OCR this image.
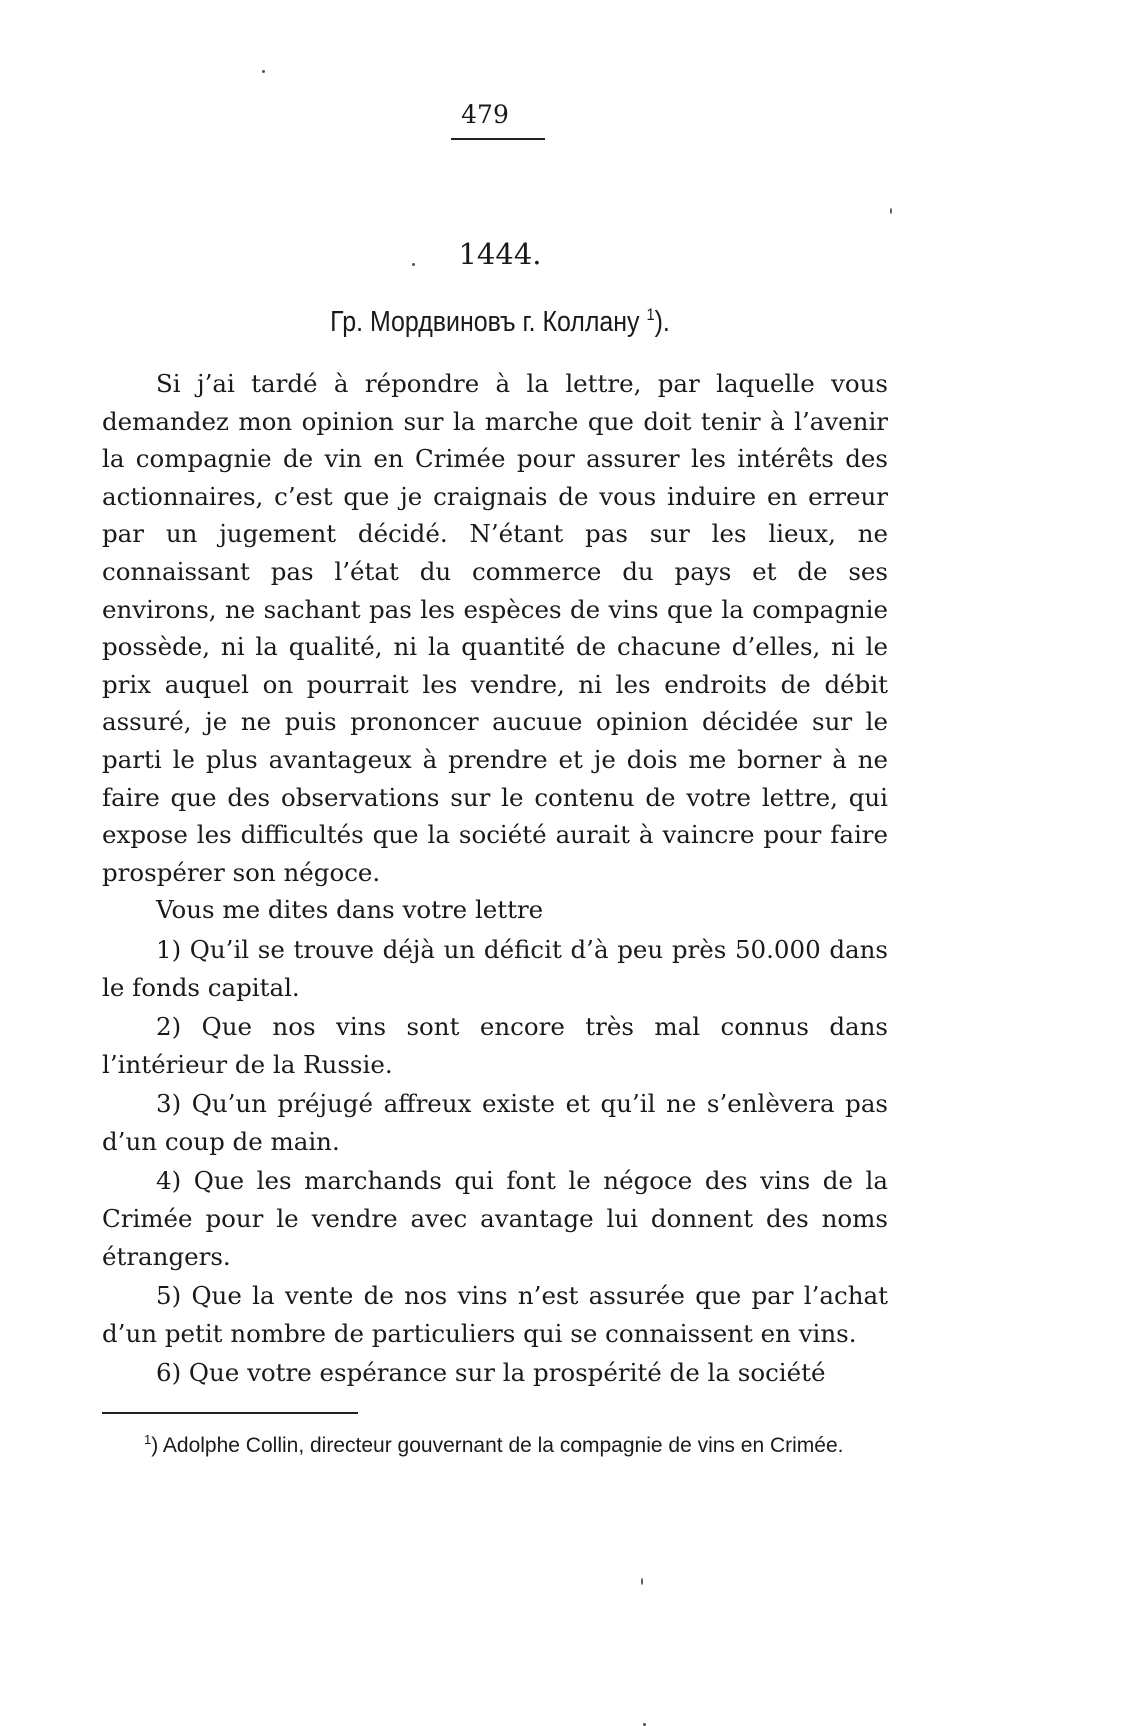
479
1444.
Гр. Мордвиновъ г. Коллану $^1$).

Si j’ai tardé à répondre à la lettre, par laquelle vous demandez mon opinion sur la marche que doit tenir à l’avenir la compagnie de vin en Crimée pour assurer les intérêts des actionnaires, c’est que je craignais de vous induire en erreur par un jugement décidé. N’étant pas sur les lieux, ne connaissant pas l’état du commerce du pays et de ses environs, ne sachant pas les espèces de vins que la compagnie possède, ni la qualité, ni la quantité de chacune d’elles, ni le prix auquel on pourrait les vendre, ni les endroits de débit assuré, je ne puis prononcer aucuue opinion décidée sur le parti le plus avantageux à prendre et je dois me borner à ne faire que des observations sur le contenu de votre lettre, qui expose les difficultés que la société aurait à vaincre pour faire prospérer son négoce.

Vous me dites dans votre lettre

1) Qu’il se trouve déjà un déficit d’à peu près 50.000 dans le fonds capital.

2) Que nos vins sont encore très mal connus dans l’intérieur de la Russie.

3) Qu’un préjugé affreux existe et qu’il ne s’enlèvera pas d’un coup de main.

4) Que les marchands qui font le négoce des vins de la Crimée pour le vendre avec avantage lui donnent des noms étrangers.

5) Que la vente de nos vins n’est assurée que par l’achat d’un petit nombre de particuliers qui se connaissent en vins.

6) Que votre espérance sur la prospérité de la société

$^1$) Adolphe Collin, directeur gouvernant de la compagnie de vins en Crimée.
